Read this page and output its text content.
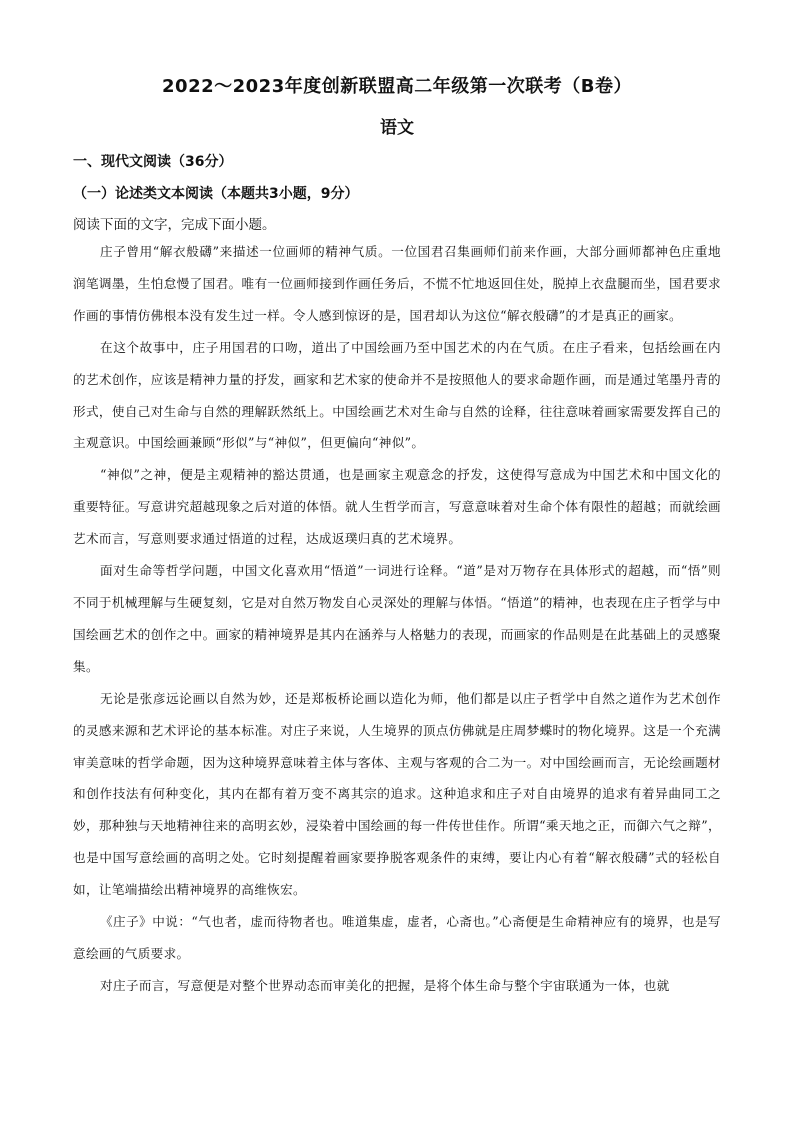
2022～2023年度创新联盟高二年级第一次联考（B卷）
语文
一、现代文阅读（36分）
（一）论述类文本阅读（本题共3小题，9分）
阅读下面的文字，完成下面小题。

庄子曾用“解衣般礴”来描述一位画师的精神气质。一位国君召集画师们前来作画，大部分画师都神色庄重地润笔调墨，生怕怠慢了国君。唯有一位画师接到作画任务后，不慌不忙地返回住处，脱掉上衣盘腿而坐，国君要求作画的事情仿佛根本没有发生过一样。令人感到惊讶的是，国君却认为这位“解衣般礴”的才是真正的画家。

在这个故事中，庄子用国君的口吻，道出了中国绘画乃至中国艺术的内在气质。在庄子看来，包括绘画在内的艺术创作，应该是精神力量的抒发，画家和艺术家的使命并不是按照他人的要求命题作画，而是通过笔墨丹青的形式，使自己对生命与自然的理解跃然纸上。中国绘画艺术对生命与自然的诠释，往往意味着画家需要发挥自己的主观意识。中国绘画兼顾“形似”与“神似”，但更偏向“神似”。

“神似”之神，便是主观精神的豁达贯通，也是画家主观意念的抒发，这使得写意成为中国艺术和中国文化的重要特征。写意讲究超越现象之后对道的体悟。就人生哲学而言，写意意味着对生命个体有限性的超越；而就绘画艺术而言，写意则要求通过悟道的过程，达成返璞归真的艺术境界。

面对生命等哲学问题，中国文化喜欢用“悟道”一词进行诠释。“道”是对万物存在具体形式的超越，而“悟”则不同于机械理解与生硬复刻，它是对自然万物发自心灵深处的理解与体悟。“悟道”的精神，也表现在庄子哲学与中国绘画艺术的创作之中。画家的精神境界是其内在涵养与人格魅力的表现，而画家的作品则是在此基础上的灵感聚集。

无论是张彦远论画以自然为妙，还是郑板桥论画以造化为师，他们都是以庄子哲学中自然之道作为艺术创作的灵感来源和艺术评论的基本标准。对庄子来说，人生境界的顶点仿佛就是庄周梦蝶时的物化境界。这是一个充满审美意味的哲学命题，因为这种境界意味着主体与客体、主观与客观的合二为一。对中国绘画而言，无论绘画题材和创作技法有何种变化，其内在都有着万变不离其宗的追求。这种追求和庄子对自由境界的追求有着异曲同工之妙，那种独与天地精神往来的高明玄妙，浸染着中国绘画的每一件传世佳作。所谓“乘天地之正，而御六气之辩”，也是中国写意绘画的高明之处。它时刻提醒着画家要挣脱客观条件的束缚，要让内心有着“解衣般礴”式的轻松自如，让笔端描绘出精神境界的高维恢宏。

《庄子》中说：“气也者，虚而待物者也。唯道集虚，虚者，心斋也。”心斋便是生命精神应有的境界，也是写意绘画的气质要求。

对庄子而言，写意便是对整个世界动态而审美化的把握，是将个体生命与整个宇宙联通为一体，也就
